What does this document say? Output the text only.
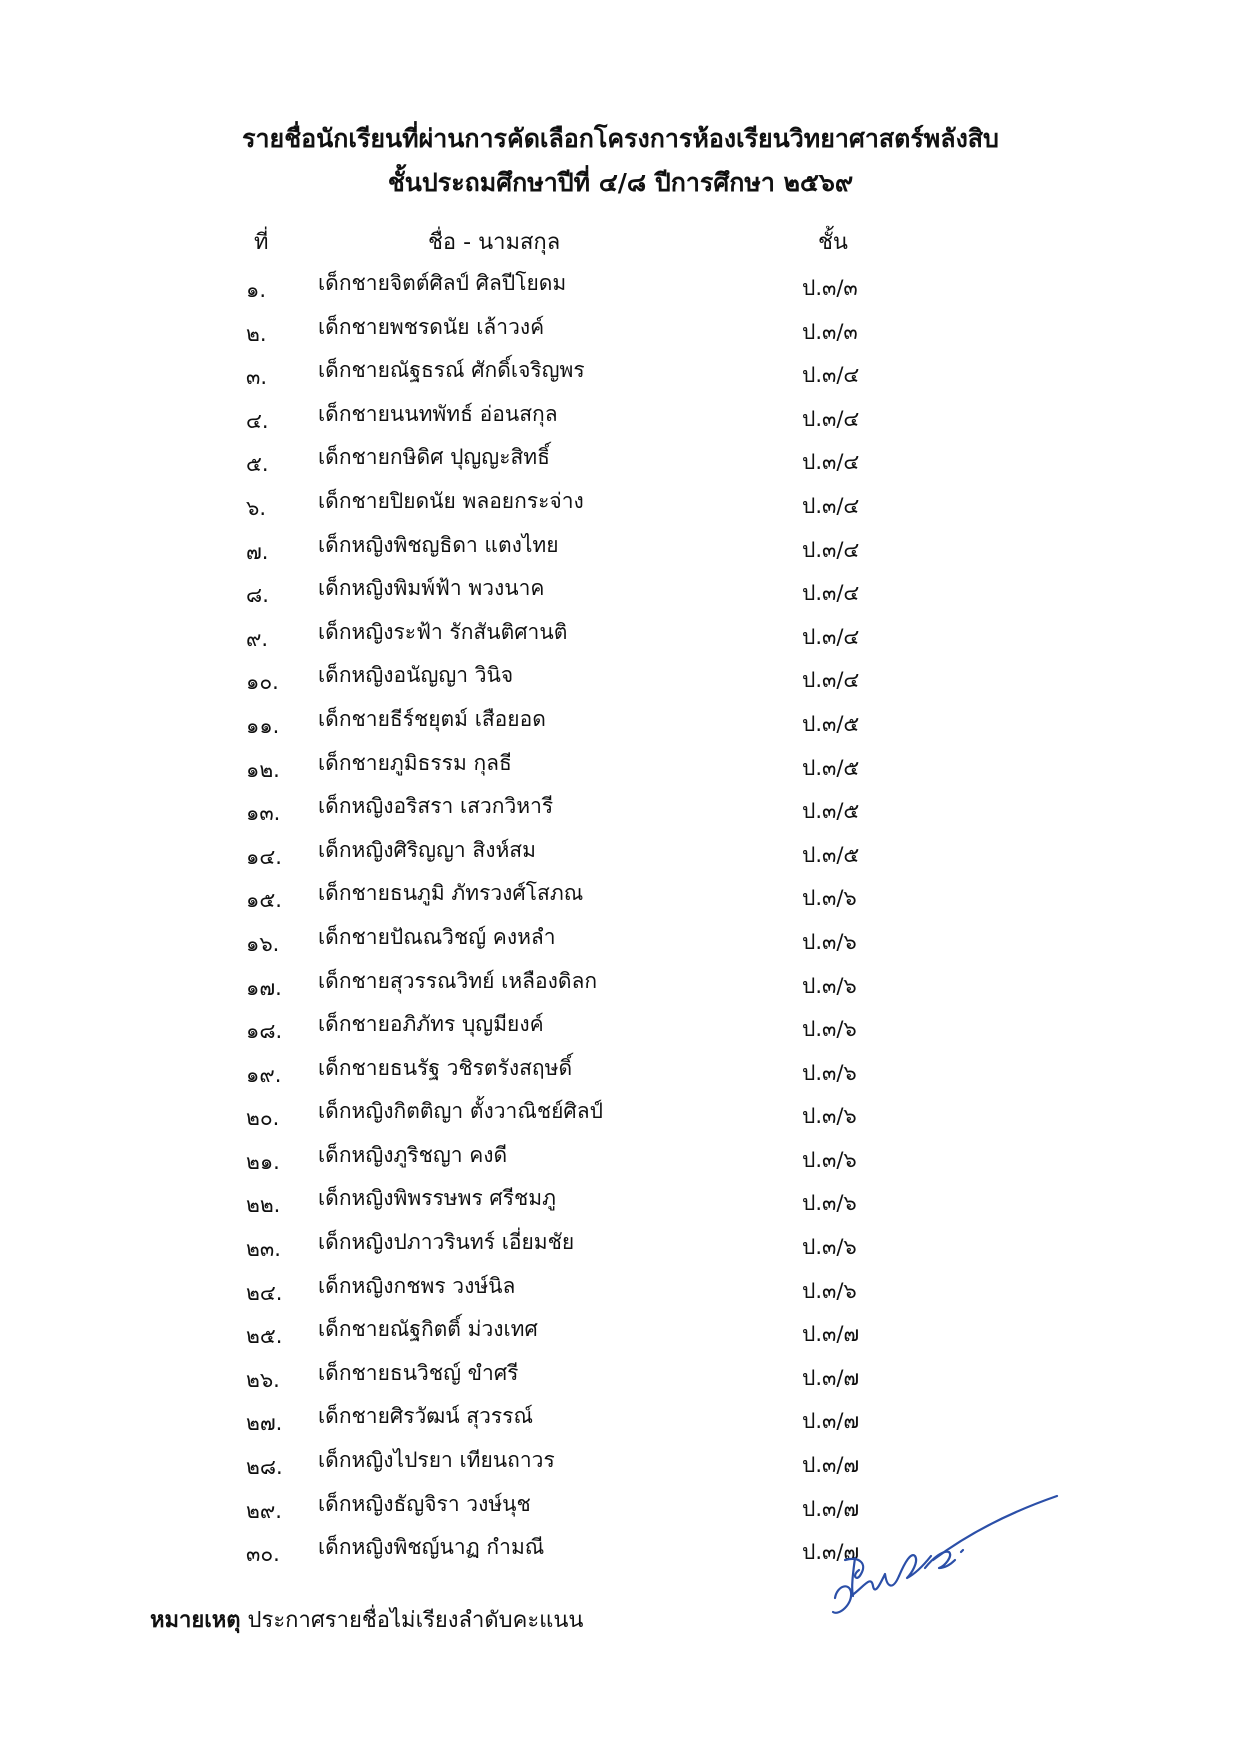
รายชื่อนักเรียนที่ผ่านการคัดเลือกโครงการห้องเรียนวิทยาศาสตร์พลังสิบ
ชั้นประถมศึกษาปีที่ ๔/๘ ปีการศึกษา ๒๕๖๙
ที่	ชื่อ - นามสกุล	ชั้น
๑. เด็กชายจิตต์ศิลป์ ศิลปีโยดม	ป.๓/๓
๒. เด็กชายพชรดนัย เล้าวงค์	ป.๓/๓
๓. เด็กชายณัฐธรณ์ ศักดิ์เจริญพร	ป.๓/๔
๔. เด็กชายนนทพัทธ์ อ่อนสกุล	ป.๓/๔
๕. เด็กชายกษิดิศ ปุญญะสิทธิ์	ป.๓/๔
๖. เด็กชายปิยดนัย พลอยกระจ่าง	ป.๓/๔
๗. เด็กหญิงพิชญธิดา แตงไทย	ป.๓/๔
๘. เด็กหญิงพิมพ์ฟ้า พวงนาค	ป.๓/๔
๙. เด็กหญิงระฟ้า รักสันติศานติ	ป.๓/๔
๑๐. เด็กหญิงอนัญญา วินิจ	ป.๓/๔
๑๑. เด็กชายธีร์ชยุตม์ เสือยอด	ป.๓/๕
๑๒. เด็กชายภูมิธรรม กุลธี	ป.๓/๕
๑๓. เด็กหญิงอริสรา เสวกวิหารี	ป.๓/๕
๑๔. เด็กหญิงศิริญญา สิงห์สม	ป.๓/๕
๑๕. เด็กชายธนภูมิ ภัทรวงศ์โสภณ	ป.๓/๖
๑๖. เด็กชายปัณณวิชญ์ คงหลำ	ป.๓/๖
๑๗. เด็กชายสุวรรณวิทย์ เหลืองดิลก	ป.๓/๖
๑๘. เด็กชายอภิภัทร บุญมียงค์	ป.๓/๖
๑๙. เด็กชายธนรัฐ วชิรตรังสฤษดิ์	ป.๓/๖
๒๐. เด็กหญิงกิตติญา ตั้งวาณิชย์ศิลป์	ป.๓/๖
๒๑. เด็กหญิงภูริชญา คงดี	ป.๓/๖
๒๒. เด็กหญิงพิพรรษพร ศรีชมภู	ป.๓/๖
๒๓. เด็กหญิงปภาวรินทร์ เอี่ยมชัย	ป.๓/๖
๒๔. เด็กหญิงกชพร วงษ์นิล	ป.๓/๖
๒๕. เด็กชายณัฐกิตติ์ ม่วงเทศ	ป.๓/๗
๒๖. เด็กชายธนวิชญ์ ขำศรี	ป.๓/๗
๒๗. เด็กชายศิรวัฒน์ สุวรรณ์	ป.๓/๗
๒๘. เด็กหญิงไปรยา เทียนถาวร	ป.๓/๗
๒๙. เด็กหญิงธัญจิรา วงษ์นุช	ป.๓/๗
๓๐. เด็กหญิงพิชญ์นาฏ กำมณี	ป.๓/๗
หมายเหตุ ประกาศรายชื่อไม่เรียงลำดับคะแนน
